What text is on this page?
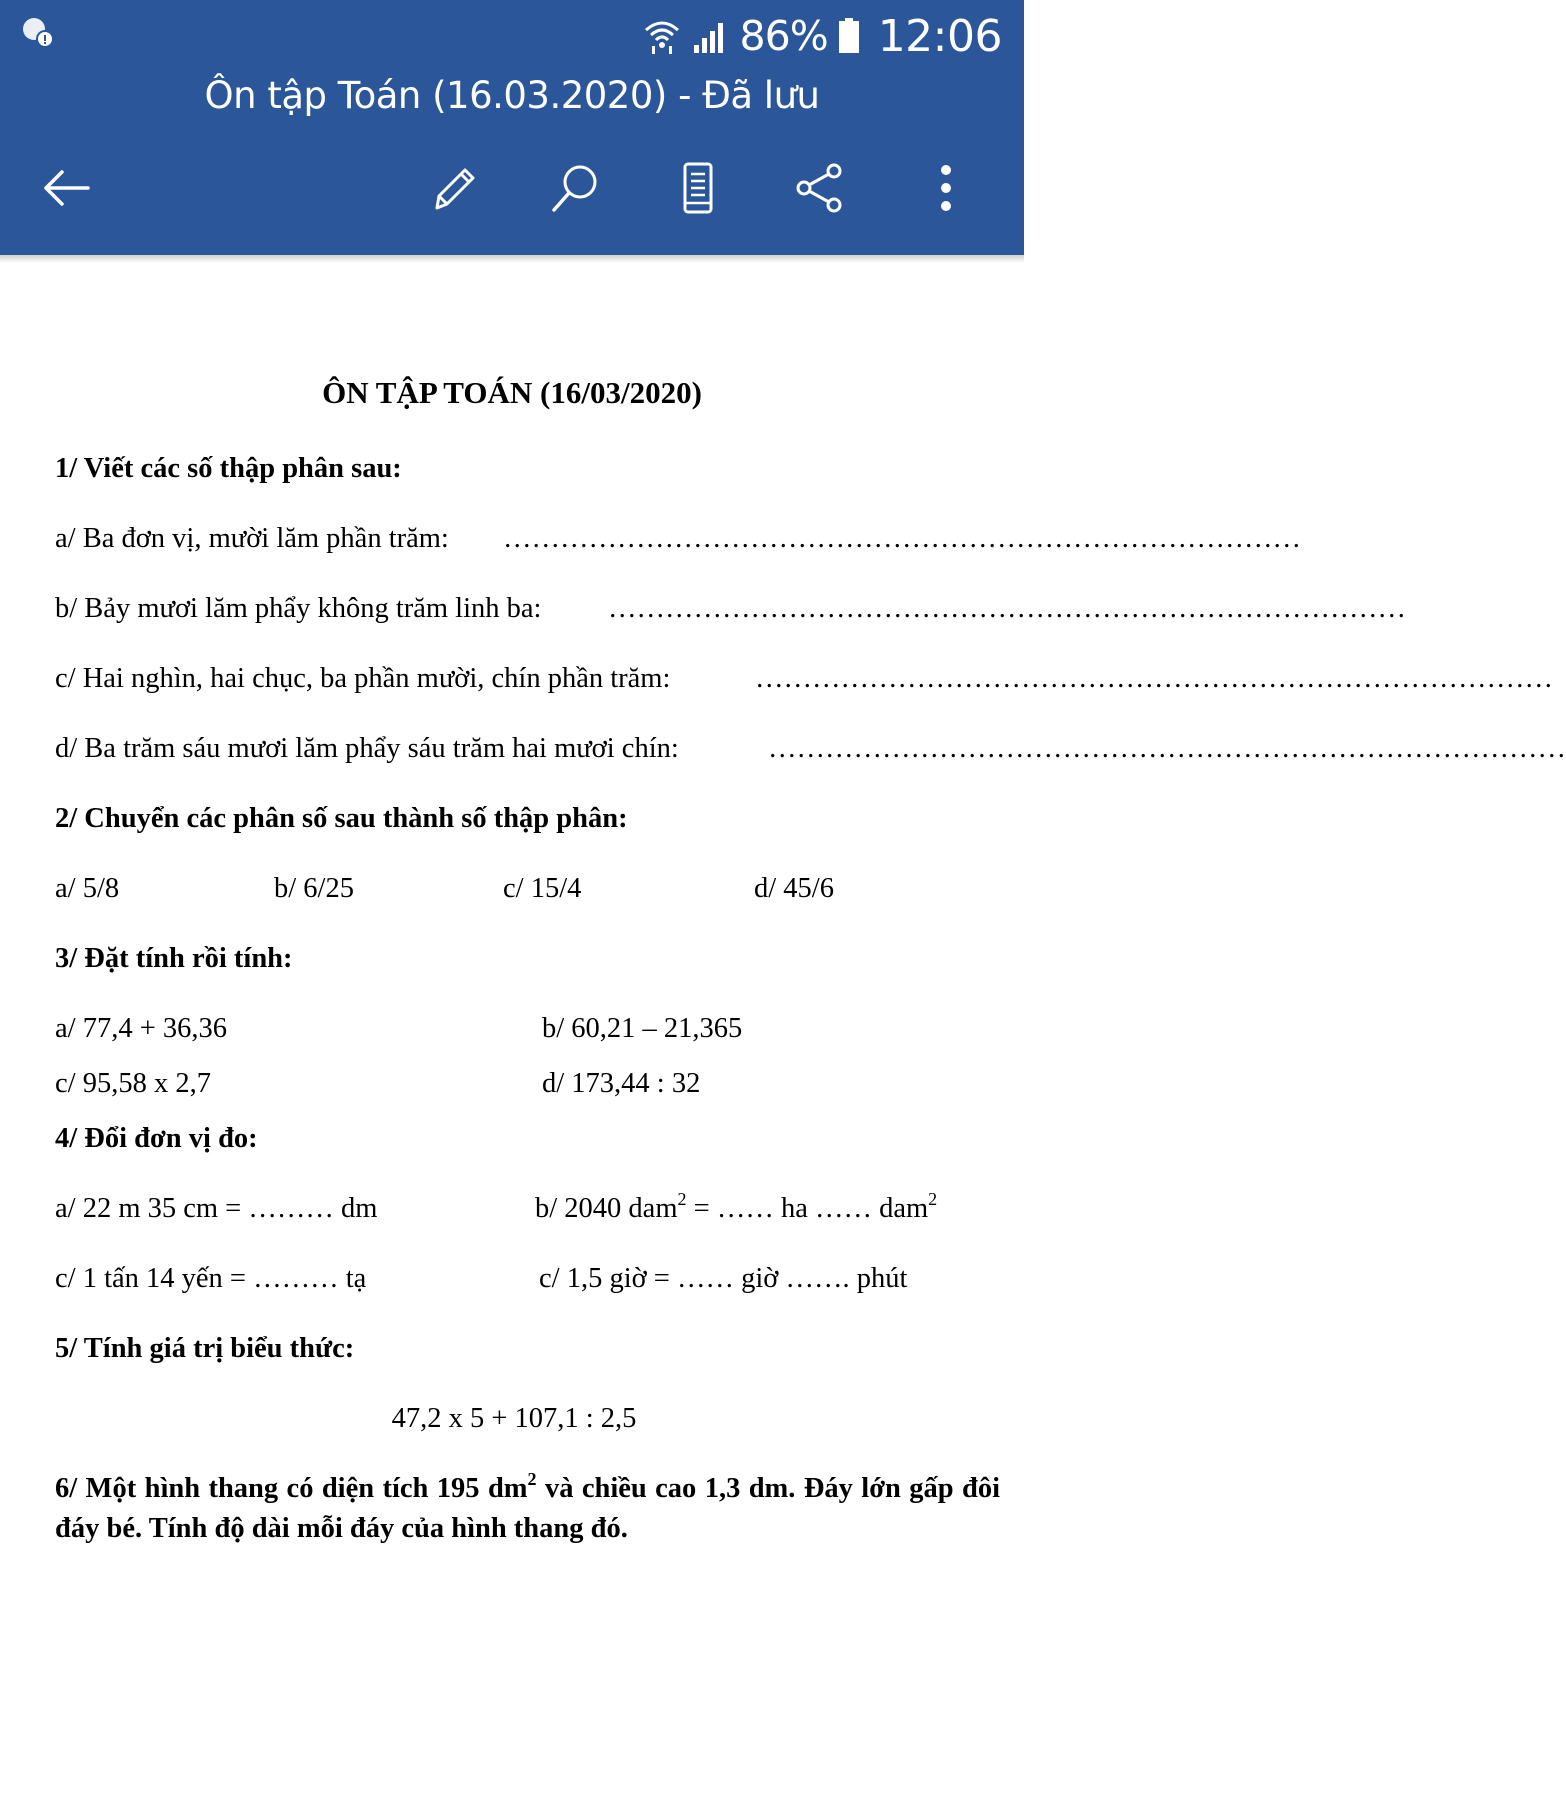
86% 12:06
Ôn tập Toán (16.03.2020) - Đã lưu
ÔN TẬP TOÁN (16/03/2020)
1/ Viết các số thập phân sau:
a/ Ba đơn vị, mười lăm phần trăm: …………………………………………………………………………
b/ Bảy mươi lăm phẩy không trăm linh ba: …………………………………………………………………………
c/ Hai nghìn, hai chục, ba phần mười, chín phần trăm:	…………………………………………………………………………
d/ Ba trăm sáu mươi lăm phẩy sáu trăm hai mươi chín:	…………………………………………………………………………
2/ Chuyển các phân số sau thành số thập phân:
a/ 5/8	b/ 6/25	c/ 15/4	d/ 45/6
3/ Đặt tính rồi tính:
a/ 77,4 + 36,36	b/ 60,21 – 21,365
c/ 95,58 x 2,7	d/ 173,44 : 32
4/ Đổi đơn vị đo:
a/ 22 m 35 cm = ……… dm	b/ 2040 dam$^2$ = …… ha …… dam$^2$
c/ 1 tấn 14 yến = ……… tạ	c/ 1,5 giờ = …… giờ ……. phút
5/ Tính giá trị biểu thức:
47,2 x 5 + 107,1 : 2,5
6/ Một hình thang có diện tích 195 $dm^2$ và chiều cao 1,3 dm. Đáy lớn gấp đôi đáy bé. Tính độ dài mỗi đáy của hình thang đó.
